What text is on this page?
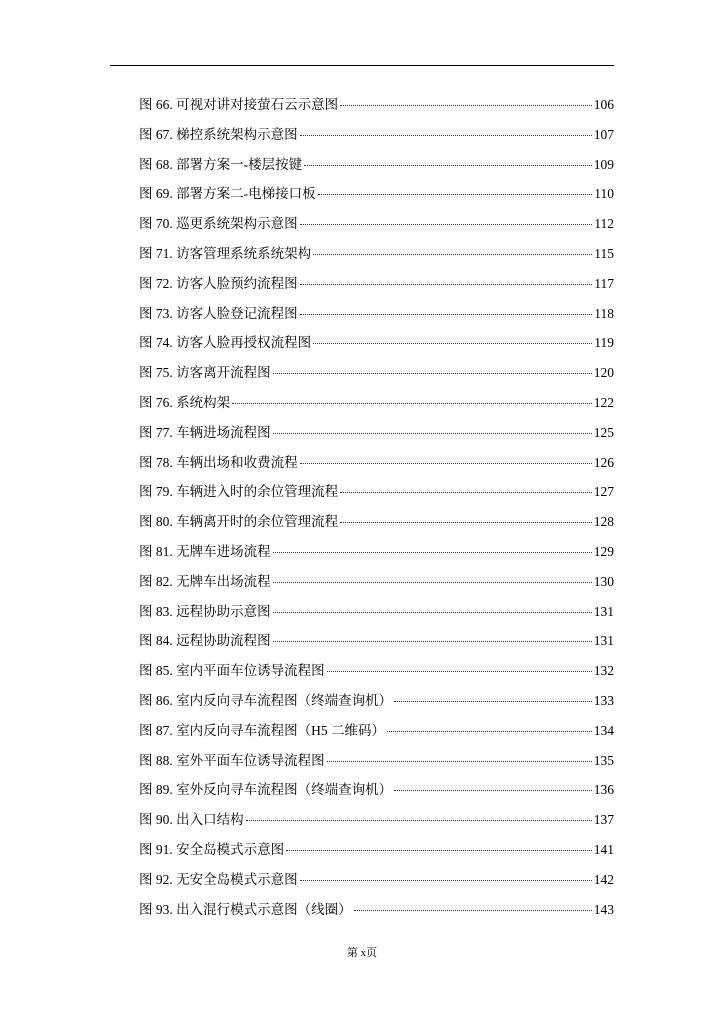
图 66. 可视对讲对接萤石云示意图	106
图 67. 梯控系统架构示意图	107
图 68. 部署方案一-楼层按键	109
图 69. 部署方案二-电梯接口板	110
图 70. 巡更系统架构示意图	112
图 71. 访客管理系统系统架构	115
图 72. 访客人脸预约流程图	117
图 73. 访客人脸登记流程图	118
图 74. 访客人脸再授权流程图	119
图 75. 访客离开流程图	120
图 76. 系统构架	122
图 77. 车辆进场流程图	125
图 78. 车辆出场和收费流程	126
图 79. 车辆进入时的余位管理流程	127
图 80. 车辆离开时的余位管理流程	128
图 81. 无牌车进场流程	129
图 82. 无牌车出场流程	130
图 83. 远程协助示意图	131
图 84. 远程协助流程图	131
图 85. 室内平面车位诱导流程图	132
图 86. 室内反向寻车流程图（终端查询机）	133
图 87. 室内反向寻车流程图（H5 二维码）	134
图 88. 室外平面车位诱导流程图	135
图 89. 室外反向寻车流程图（终端查询机）	136
图 90. 出入口结构	137
图 91. 安全岛模式示意图	141
图 92. 无安全岛模式示意图	142
图 93. 出入混行模式示意图（线圈）	143
第 x页
